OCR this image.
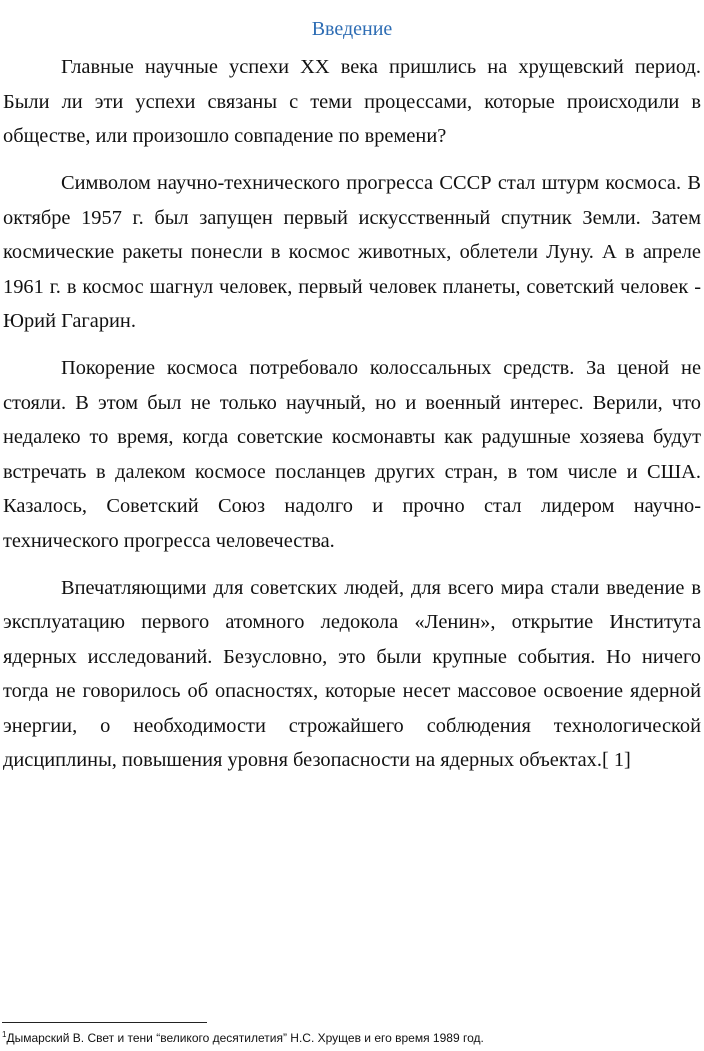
Введение

Главные научные успехи XX века пришлись на хрущевский период. Были ли эти успехи связаны с теми процессами, которые происходили в обществе, или произошло совпадение по времени?

Символом научно-технического прогресса СССР стал штурм космоса. В октябре 1957 г. был запущен первый искусственный спутник Земли. Затем космические ракеты понесли в космос животных, облетели Луну. А в апреле 1961 г. в космос шагнул человек, первый человек планеты, советский человек - Юрий Гагарин.

Покорение космоса потребовало колоссальных средств. За ценой не стояли. В этом был не только научный, но и военный интерес. Верили, что недалеко то время, когда советские космонавты как радушные хозяева будут встречать в далеком космосе посланцев других стран, в том числе и США. Казалось, Советский Союз надолго и прочно стал лидером научно-технического прогресса человечества.

Впечатляющими для советских людей, для всего мира стали введение в эксплуатацию первого атомного ледокола «Ленин», открытие Института ядерных исследований. Безусловно, это были крупные события. Но ничего тогда не говорилось об опасностях, которые несет массовое освоение ядерной энергии, о необходимости строжайшего соблюдения технологической дисциплины, повышения уровня безопасности на ядерных объектах.[ 1]

$^1$Дымарский В. Свет и тени “великого десятилетия” Н.С. Хрущев и его время 1989 год.
